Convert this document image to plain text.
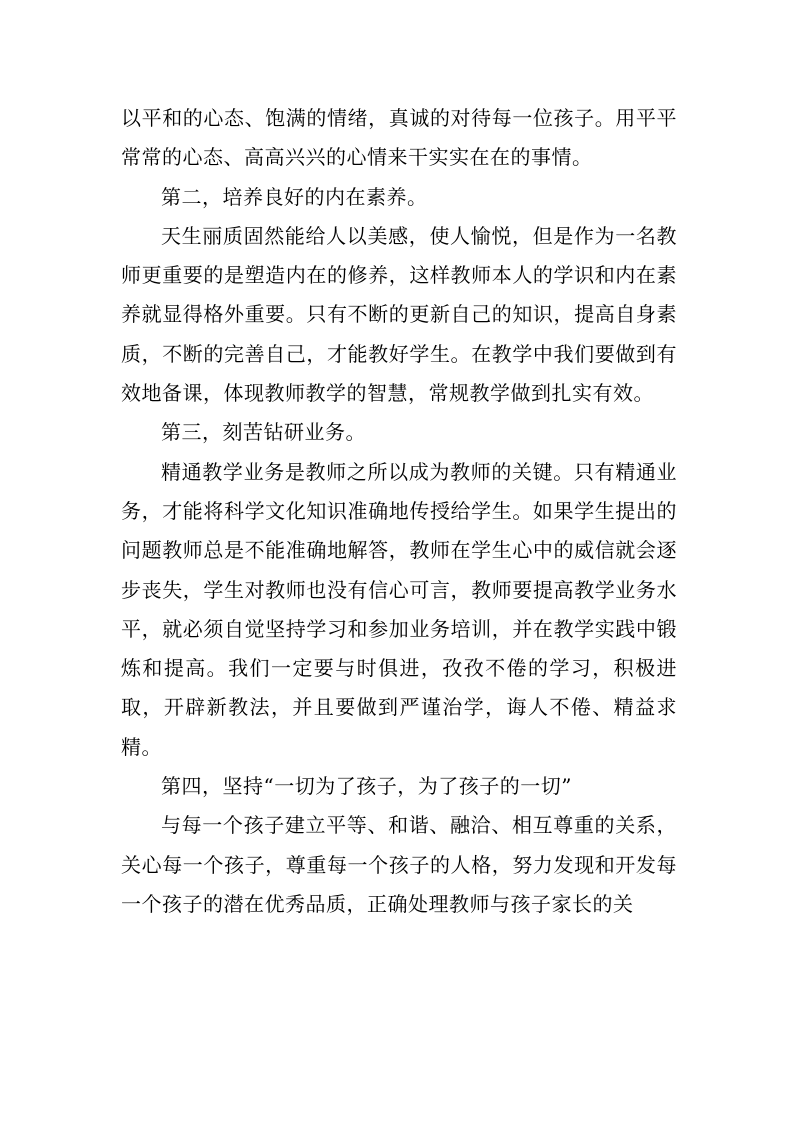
以平和的心态、饱满的情绪，真诚的对待每一位孩子。用平平常常的心态、高高兴兴的心情来干实实在在的事情。

第二，培养良好的内在素养。

天生丽质固然能给人以美感，使人愉悦，但是作为一名教师更重要的是塑造内在的修养，这样教师本人的学识和内在素养就显得格外重要。只有不断的更新自己的知识，提高自身素质，不断的完善自己，才能教好学生。在教学中我们要做到有效地备课，体现教师教学的智慧，常规教学做到扎实有效。

第三，刻苦钻研业务。

精通教学业务是教师之所以成为教师的关键。只有精通业务，才能将科学文化知识准确地传授给学生。如果学生提出的问题教师总是不能准确地解答，教师在学生心中的威信就会逐步丧失，学生对教师也没有信心可言，教师要提高教学业务水平，就必须自觉坚持学习和参加业务培训，并在教学实践中锻炼和提高。我们一定要与时俱进，孜孜不倦的学习，积极进取，开辟新教法，并且要做到严谨治学，诲人不倦、精益求精。

第四，坚持“一切为了孩子，为了孩子的一切”

与每一个孩子建立平等、和谐、融洽、相互尊重的关系，关心每一个孩子，尊重每一个孩子的人格，努力发现和开发每一个孩子的潜在优秀品质，正确处理教师与孩子家长的关
